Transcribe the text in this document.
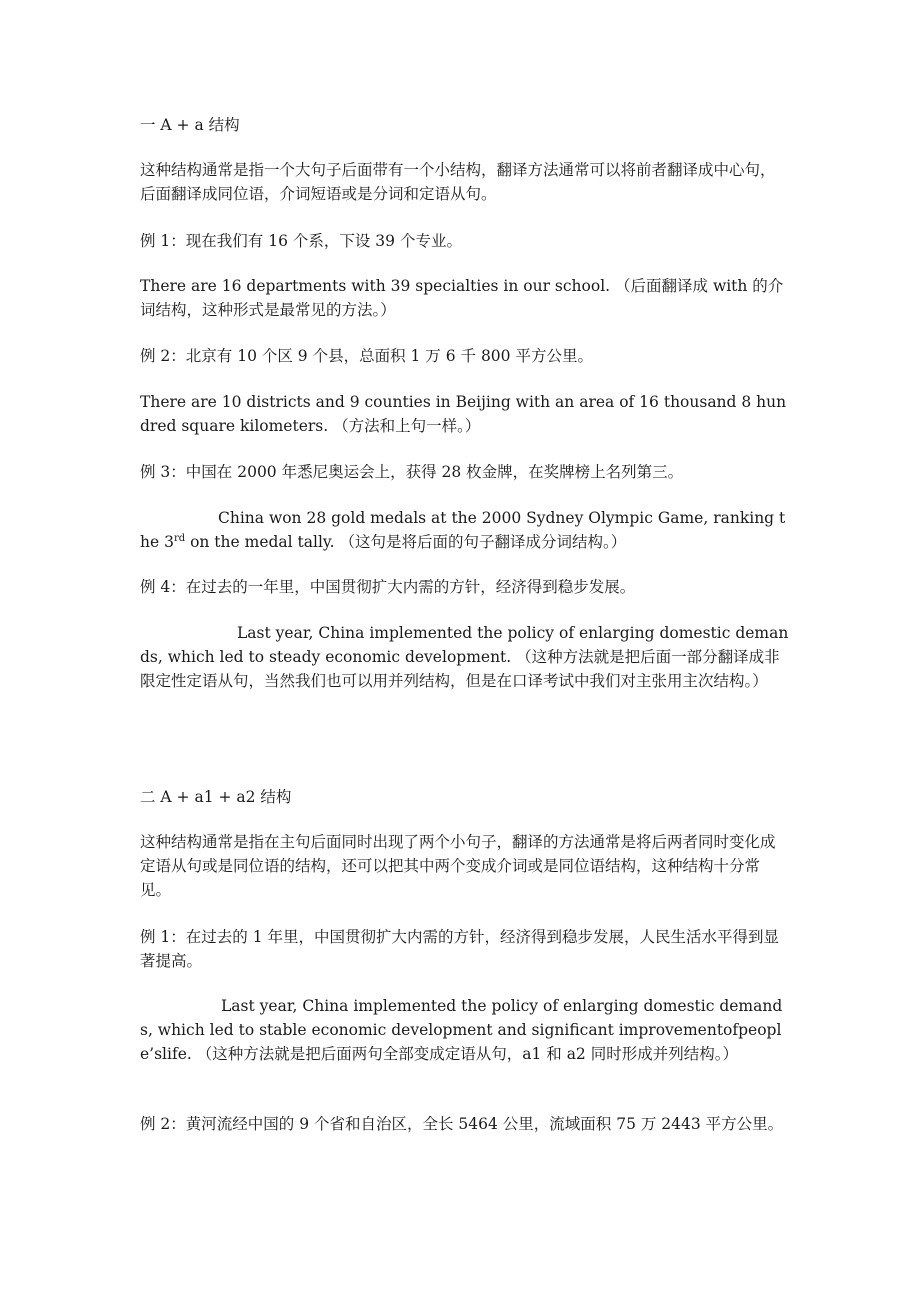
一 A + a 结构

这种结构通常是指一个大句子后面带有一个小结构，翻译方法通常可以将前者翻译成中心句，后面翻译成同位语，介词短语或是分词和定语从句。

例 1：现在我们有 16 个系，下设 39 个专业。

There are 16 departments with 39 specialties in our school. （后面翻译成 with 的介词结构，这种形式是最常见的方法。）

例 2：北京有 10 个区 9 个县，总面积 1 万 6 千 800 平方公里。

There are 10 districts and 9 counties in Beijing with an area of 16 thousand 8 hundred square kilometers. （方法和上句一样。）

例 3：中国在 2000 年悉尼奥运会上，获得 28 枚金牌，在奖牌榜上名列第三。

China won 28 gold medals at the 2000 Sydney Olympic Game, ranking the 3rd on the medal tally. （这句是将后面的句子翻译成分词结构。）

例 4：在过去的一年里，中国贯彻扩大内需的方针，经济得到稳步发展。

Last year, China implemented the policy of enlarging domestic demands, which led to steady economic development. （这种方法就是把后面一部分翻译成非限定性定语从句，当然我们也可以用并列结构，但是在口译考试中我们对主张用主次结构。）

二 A + a1 + a2 结构

这种结构通常是指在主句后面同时出现了两个小句子，翻译的方法通常是将后两者同时变化成定语从句或是同位语的结构，还可以把其中两个变成介词或是同位语结构，这种结构十分常见。

例 1：在过去的 1 年里，中国贯彻扩大内需的方针，经济得到稳步发展，人民生活水平得到显著提高。

Last year, China implemented the policy of enlarging domestic demands, which led to stable economic development and significant improvementofpeople’slife. （这种方法就是把后面两句全部变成定语从句，a1 和 a2 同时形成并列结构。）

例 2：黄河流经中国的 9 个省和自治区，全长 5464 公里，流域面积 75 万 2443 平方公里。
